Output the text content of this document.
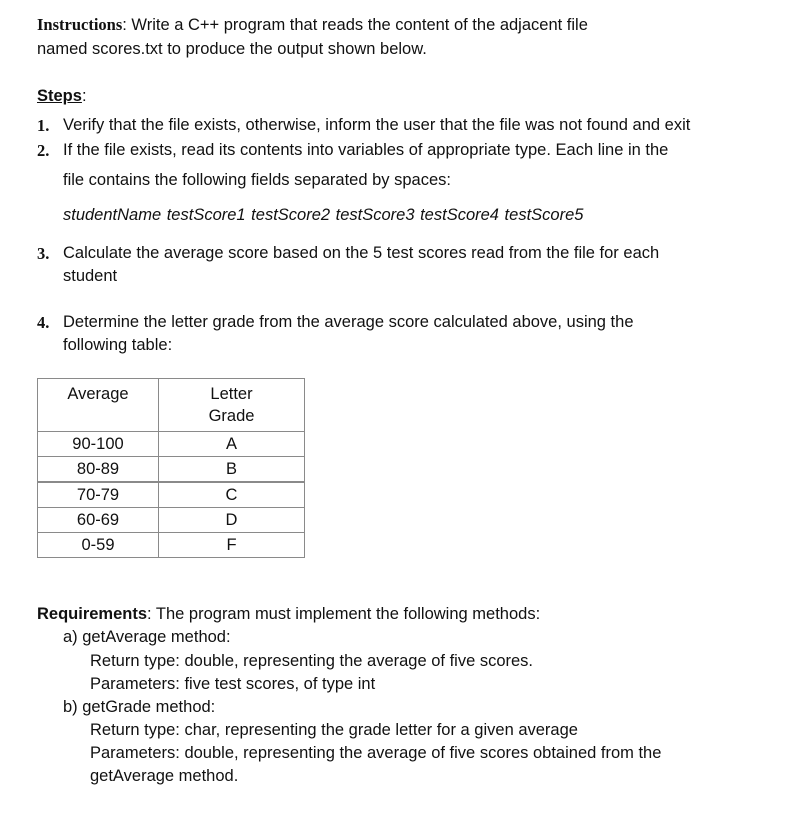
Instructions: Write a C++ program that reads the content of the adjacent file
named scores.txt to produce the output shown below.
Steps:
1. Verify that the file exists, otherwise, inform the user that the file was not found and exit
2. If the file exists, read its contents into variables of appropriate type. Each line in the
file contains the following fields separated by spaces:
studentName testScore1 testScore2 testScore3 testScore4 testScore5
3. Calculate the average score based on the 5 test scores read from the file for each
student
4. Determine the letter grade from the average score calculated above, using the
following table:
Average	Letter
Grade

90-100	A
80-89	B
70-79	C
60-69	D
0-59	F
Requirements: The program must implement the following methods:
a) getAverage method:
Return type: double, representing the average of five scores.
Parameters: five test scores, of type int
b) getGrade method:
Return type: char, representing the grade letter for a given average
Parameters: double, representing the average of five scores obtained from the
getAverage method.
